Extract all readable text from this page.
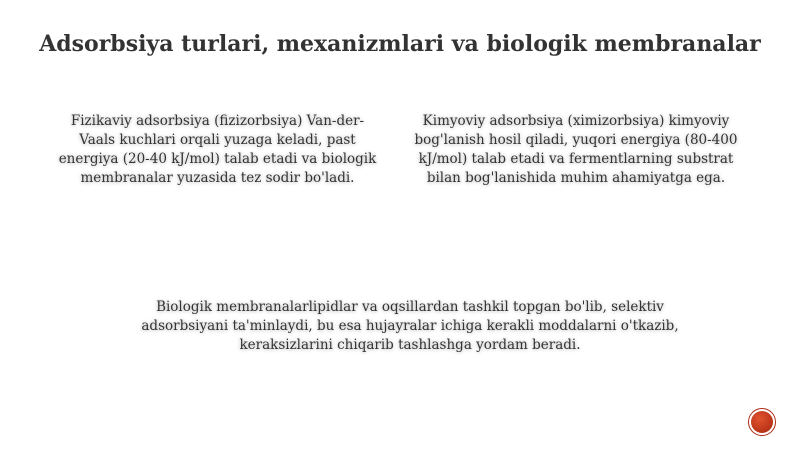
Adsorbsiya turlari, mexanizmlari va biologik membranalar

Fizikaviy adsorbsiya (fizizorbsiya) Van-der-Vaals kuchlari orqali yuzaga keladi, past energiya (20-40 kJ/mol) talab etadi va biologik membranalar yuzasida tez sodir bo'ladi.

Kimyoviy adsorbsiya (ximizorbsiya) kimyoviy bog'lanish hosil qiladi, yuqori energiya (80-400 kJ/mol) talab etadi va fermentlarning substrat bilan bog'lanishida muhim ahamiyatga ega.

Biologik membranalarlipidlar va oqsillardan tashkil topgan bo'lib, selektiv adsorbsiyani ta'minlaydi, bu esa hujayralar ichiga kerakli moddalarni o'tkazib, keraksizlarini chiqarib tashlashga yordam beradi.
